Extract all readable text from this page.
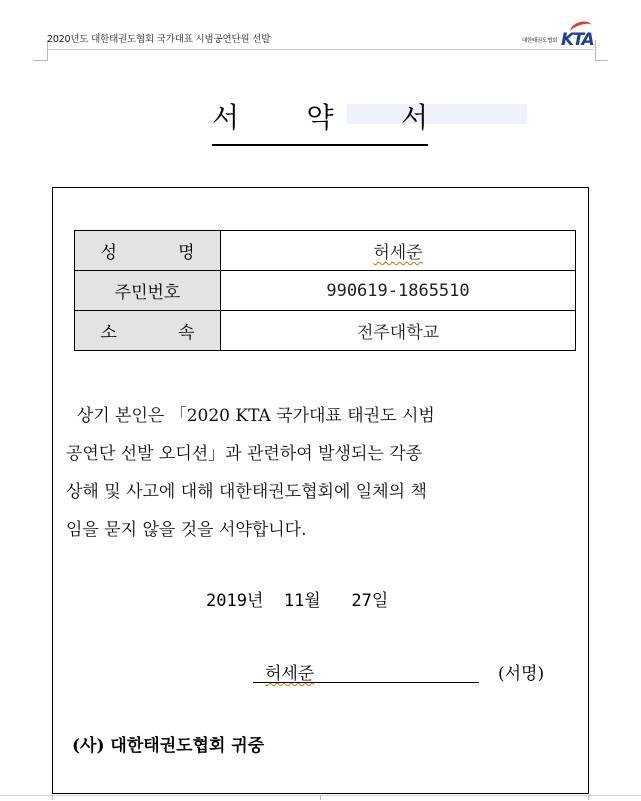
2020년도 대한태권도협회 국가대표 시범공연단원 선발	대한태권도협회 KTA
서 약 서
성 명	허세준

주민번호	990619-1865510

소 속	전주대학교

상기 본인은 「2020 KTA 국가대표 태권도 시범

공연단 선발 오디션」과 관련하여 발생되는 각종

상해 및 사고에 대해 대한태권도협회에 일체의 책

임을 묻지 않을 것을 서약합니다.

2019년  11월   27일
허세준	(서명)
(사) 대한태권도협회 귀중
